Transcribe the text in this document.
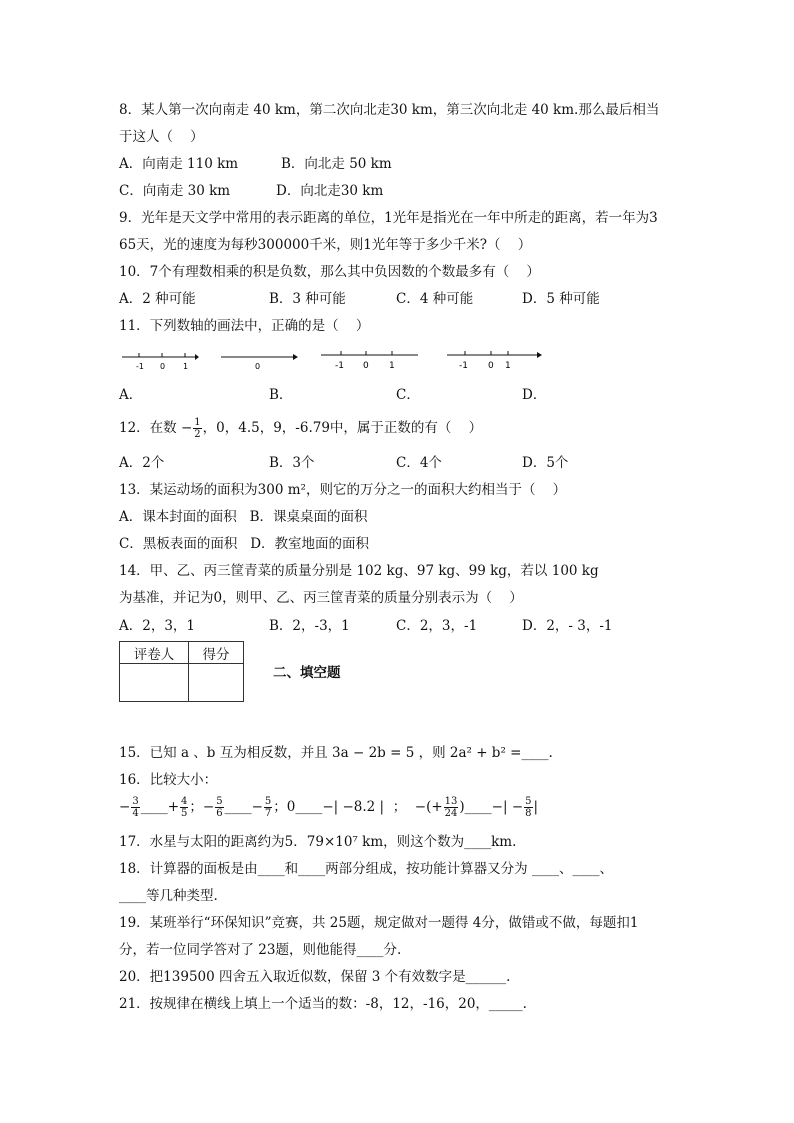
8．某人第一次向南走 40 km，第二次向北走30 km，第三次向北走 40 km.那么最后相当
于这人（    ）
A．向南走 110 km	B．向北走 50 km
C．向南走 30 km	D．向北走30 km
9．光年是天文学中常用的表示距离的单位，1光年是指光在一年中所走的距离，若一年为3
65天，光的速度为每秒300000千米，则1光年等于多少千米?（    ）
10．7个有理数相乘的积是负数，那么其中负因数的个数最多有（    ）
A．2 种可能	B．3 种可能	C．4 种可能	D．5 种可能
11．下列数轴的画法中，正确的是（    ）
-1 0 1	0	-1 0 1	-1 0 1
A．	B．	C．	D．
12．在数 − $\frac{1}{2}$ ，0，4.5，9，-6.79中，属于正数的有（    ）
A．2个	B．3个	C．4个	D．5个
13．某运动场的面积为300 m²，则它的万分之一的面积大约相当于（    ）
A．课本封面的面积   B．课桌桌面的面积
C．黑板表面的面积   D．教室地面的面积
14．甲、乙、丙三筐青菜的质量分别是 102 kg、97 kg、99 kg，若以 100 kg
为基准，并记为0，则甲、乙、丙三筐青菜的质量分别表示为（    ）
A．2，3，1	B．2，-3，1	C．2，3，-1	D．2，- 3，-1
评卷人	得分

二、填空题
15．已知 a 、b 互为相反数，并且 3a − 2b = 5 ，则 2a² + b² =____.
16．比较大小：
− $\frac{3}{4}$ ____+ $\frac{4}{5}$ ；− $\frac{5}{6}$ ____− $\frac{5}{7}$ ；0____−| −8.2 |  ；  −(+ $\frac{13}{24}$ )____−| − $\frac{5}{8}$ |
17．水星与太阳的距离约为5．79×10⁷ km，则这个数为____km.
18．计算器的面板是由____和____两部分组成，按功能计算器又分为 ____、____、
____等几种类型.
19．某班举行“环保知识”竞赛，共 25题，规定做对一题得 4分，做错或不做，每题扣1
分，若一位同学答对了 23题，则他能得____分.
20．把139500 四舍五入取近似数，保留 3 个有效数字是______.
21．按规律在横线上填上一个适当的数：-8，12，-16，20，_____.
